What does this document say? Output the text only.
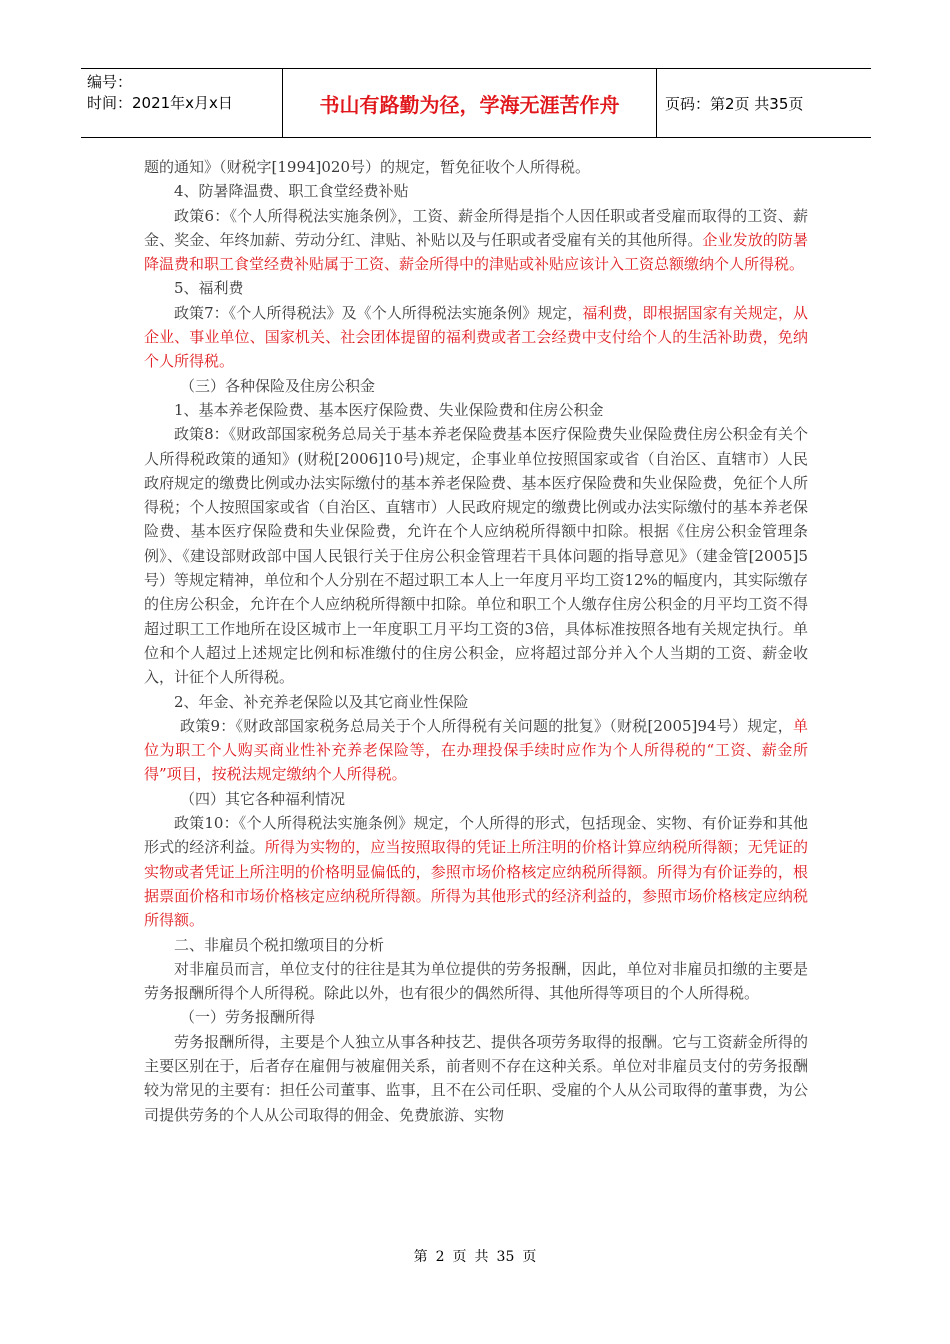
编号：
时间：2021年x月x日	书山有路勤为径，学海无涯苦作舟	页码：第2页 共35页

题的通知》（财税字[1994]020号）的规定，暂免征收个人所得税。

4、防暑降温费、职工食堂经费补贴

政策6：《个人所得税法实施条例》，工资、薪金所得是指个人因任职或者受雇而取得的工资、薪金、奖金、年终加薪、劳动分红、津贴、补贴以及与任职或者受雇有关的其他所得。企业发放的防暑降温费和职工食堂经费补贴属于工资、薪金所得中的津贴或补贴应该计入工资总额缴纳个人所得税。

5、福利费

政策7：《个人所得税法》及《个人所得税法实施条例》规定，福利费，即根据国家有关规定，从企业、事业单位、国家机关、社会团体提留的福利费或者工会经费中支付给个人的生活补助费，免纳个人所得税。

（三）各种保险及住房公积金

1、基本养老保险费、基本医疗保险费、失业保险费和住房公积金

政策8：《财政部国家税务总局关于基本养老保险费基本医疗保险费失业保险费住房公积金有关个人所得税政策的通知》(财税[2006]10号)规定，企事业单位按照国家或省（自治区、直辖市）人民政府规定的缴费比例或办法实际缴付的基本养老保险费、基本医疗保险费和失业保险费，免征个人所得税；个人按照国家或省（自治区、直辖市）人民政府规定的缴费比例或办法实际缴付的基本养老保险费、基本医疗保险费和失业保险费，允许在个人应纳税所得额中扣除。根据《住房公积金管理条例》、《建设部财政部中国人民银行关于住房公积金管理若干具体问题的指导意见》（建金管[2005]5号）等规定精神，单位和个人分别在不超过职工本人上一年度月平均工资12%的幅度内，其实际缴存的住房公积金，允许在个人应纳税所得额中扣除。单位和职工个人缴存住房公积金的月平均工资不得超过职工工作地所在设区城市上一年度职工月平均工资的3倍，具体标准按照各地有关规定执行。单位和个人超过上述规定比例和标准缴付的住房公积金，应将超过部分并入个人当期的工资、薪金收入，计征个人所得税。

2、年金、补充养老保险以及其它商业性保险

政策9：《财政部国家税务总局关于个人所得税有关问题的批复》（财税[2005]94号）规定，单位为职工个人购买商业性补充养老保险等，在办理投保手续时应作为个人所得税的“工资、薪金所得”项目，按税法规定缴纳个人所得税。

（四）其它各种福利情况

政策10：《个人所得税法实施条例》规定，个人所得的形式，包括现金、实物、有价证券和其他形式的经济利益。所得为实物的，应当按照取得的凭证上所注明的价格计算应纳税所得额；无凭证的实物或者凭证上所注明的价格明显偏低的，参照市场价格核定应纳税所得额。所得为有价证券的，根据票面价格和市场价格核定应纳税所得额。所得为其他形式的经济利益的，参照市场价格核定应纳税所得额。

二、非雇员个税扣缴项目的分析

对非雇员而言，单位支付的往往是其为单位提供的劳务报酬，因此，单位对非雇员扣缴的主要是劳务报酬所得个人所得税。除此以外，也有很少的偶然所得、其他所得等项目的个人所得税。

（一）劳务报酬所得

劳务报酬所得，主要是个人独立从事各种技艺、提供各项劳务取得的报酬。它与工资薪金所得的主要区别在于，后者存在雇佣与被雇佣关系，前者则不存在这种关系。单位对非雇员支付的劳务报酬较为常见的主要有：担任公司董事、监事，且不在公司任职、受雇的个人从公司取得的董事费，为公司提供劳务的个人从公司取得的佣金、免费旅游、实物

第 2 页 共 35 页
